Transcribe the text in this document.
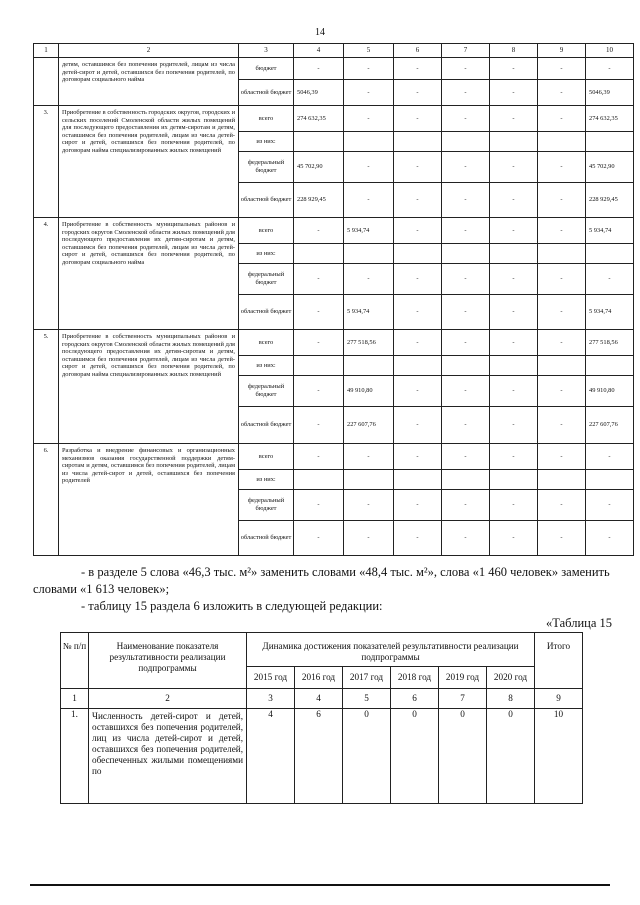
14
1	2	3	4	5	6	7	8	9	10
	детям, оставшимся без попечения родителей, лицам из числа детей-сирот и детей, оставшихся без попечения родителей, по договорам социального найма	бюджет	-	-	-	-	-	-	-
		областной бюджет	5046,39	-	-	-	-	-	5046,39
3.	Приобретение в собственность городских округов, городских и сельских поселений Смоленской области жилых помещений для последующего предоставления их детям-сиротам и детям, оставшимся без попечения родителей, лицам из числа детей-сирот и детей, оставшихся без попечения родителей, по договорам найма специализированных жилых помещений	всего	274 632,35	-	-	-	-	-	274 632,35
		из них:							
		федеральный бюджет	45 702,90	-	-	-	-	-	45 702,90
		областной бюджет	228 929,45	-	-	-	-	-	228 929,45
4.	Приобретение в собственность муниципальных районов и городских округов Смоленской области жилых помещений для последующего предоставления их детям-сиротам и детям, оставшимся без попечения родителей, лицам из числа детей-сирот и детей, оставшихся без попечения родителей, по договорам социального найма	всего	-	5 934,74	-	-	-	-	5 934,74
		из них:							
		федеральный бюджет	-	-	-	-	-	-	-
		областной бюджет	-	5 934,74	-	-	-	-	5 934,74
5.	Приобретение в собственность муниципальных районов и городских округов Смоленской области жилых помещений для последующего предоставления их детям-сиротам и детям, оставшимся без попечения родителей, лицам из числа детей-сирот и детей, оставшихся без попечения родителей, по договорам найма специализированных жилых помещений	всего	-	277 518,56	-	-	-	-	277 518,56
		из них:							
		федеральный бюджет	-	49 910,80	-	-	-	-	49 910,80
		областной бюджет	-	227 607,76	-	-	-	-	227 607,76
6.	Разработка и внедрение финансовых и организационных механизмов оказания государственной поддержки детям-сиротам и детям, оставшимся без попечения родителей, лицам из числа детей-сирот и детей, оставшихся без попечения родителей	всего	-	-	-	-	-	-	-
		из них:							
		федеральный бюджет	-	-	-	-	-	-	-
		областной бюджет	-	-	-	-	-	-	-
- в разделе 5 слова «46,3 тыс. м²» заменить словами «48,4 тыс. м²», слова «1 460 человек» заменить словами «1 613 человек»;
- таблицу 15 раздела 6 изложить в следующей редакции:
«Таблица 15
№ п/п	Наименование показателя результативности реализации подпрограммы	Динамика достижения показателей результативности реализации подпрограммы						Итого
		2015 год	2016 год	2017 год	2018 год	2019 год	2020 год	
1	2	3	4	5	6	7	8	9
1.	Численность детей-сирот и детей, оставшихся без попечения родителей, лиц из числа детей-сирот и детей, оставшихся без попечения родителей, обеспеченных жилыми помещениями по	4	6	0	0	0	0	10
